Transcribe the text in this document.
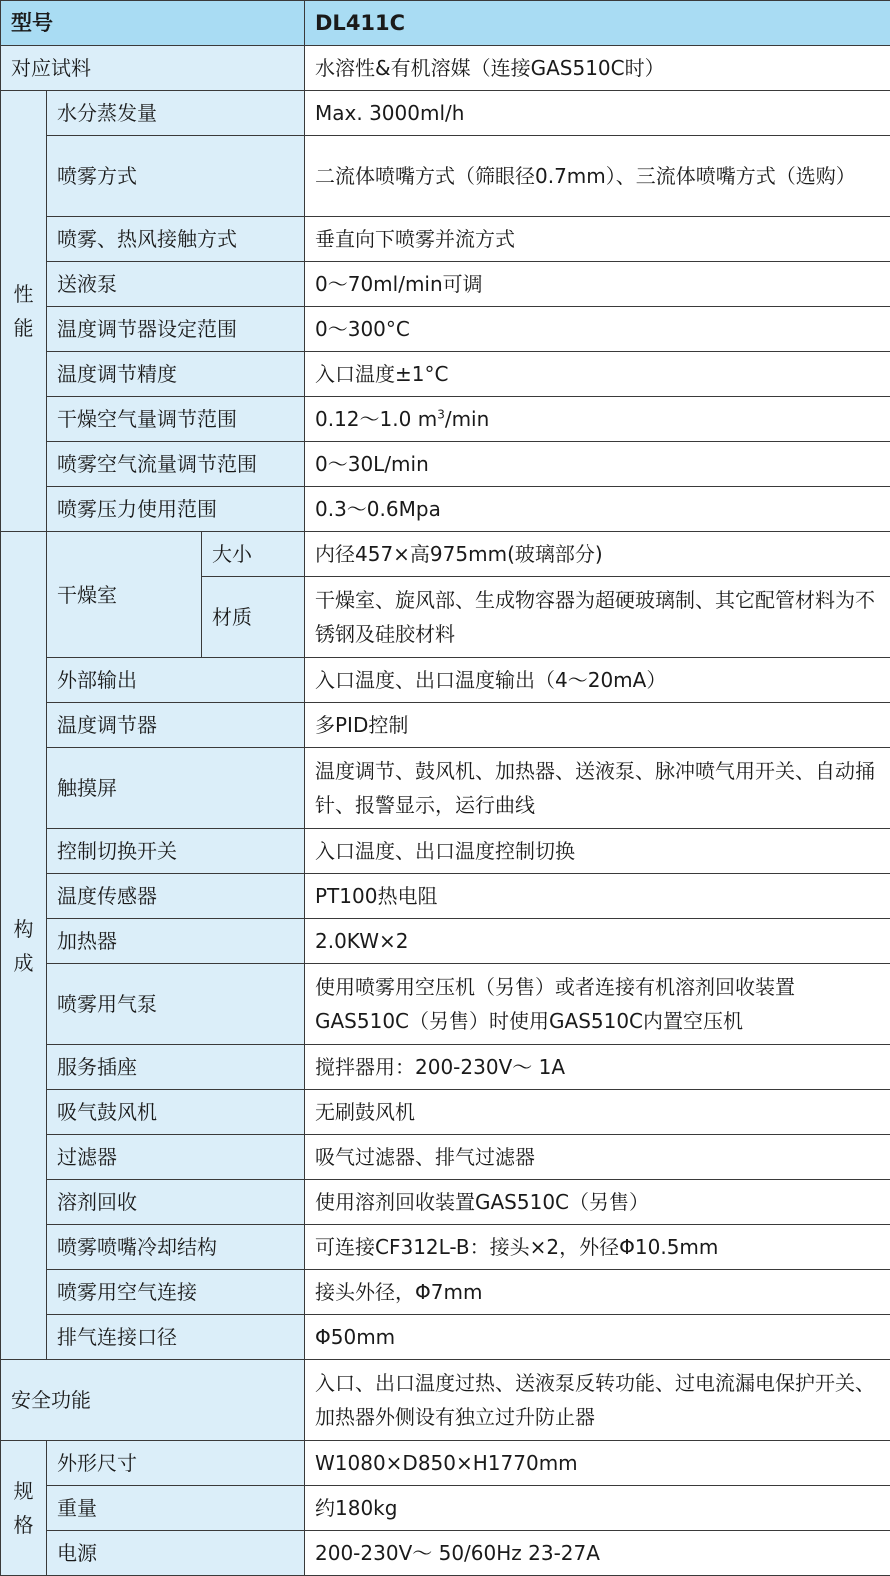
型号			DL411C
对应试料			水溶性&有机溶媒（连接GAS510C时）
性能	水分蒸发量		Max. 3000ml/h
	喷雾方式		二流体喷嘴方式（筛眼径0.7mm）、三流体喷嘴方式（选购）
	喷雾、热风接触方式		垂直向下喷雾并流方式
	送液泵		0～70ml/min可调
	温度调节器设定范围		0～300°C
	温度调节精度		入口温度±1°C
	干燥空气量调节范围		0.12～1.0 $m^3/\min$
	喷雾空气流量调节范围		0～30L/min
	喷雾压力使用范围		0.3～0.6Mpa
构成	干燥室	大小	内径457×高975mm(玻璃部分)
		材质	干燥室、旋风部、生成物容器为超硬玻璃制、其它配管材料为不锈钢及硅胶材料
	外部输出		入口温度、出口温度输出（4～20mA）
	温度调节器		多PID控制
	触摸屏		温度调节、鼓风机、加热器、送液泵、脉冲喷气用开关、自动捅针、报警显示，运行曲线
	控制切换开关		入口温度、出口温度控制切换
	温度传感器		PT100热电阻
	加热器		2.0KW×2
	喷雾用气泵		使用喷雾用空压机（另售）或者连接有机溶剂回收装置GAS510C（另售）时使用GAS510C内置空压机
	服务插座		搅拌器用：200-230V～ 1A
	吸气鼓风机		无刷鼓风机
	过滤器		吸气过滤器、排气过滤器
	溶剂回收		使用溶剂回收装置GAS510C（另售）
	喷雾喷嘴冷却结构		可连接CF312L-B：接头×2，外径Φ10.5mm
	喷雾用空气连接		接头外径，Φ7mm
	排气连接口径		Φ50mm
安全功能			入口、出口温度过热、送液泵反转功能、过电流漏电保护开关、加热器外侧设有独立过升防止器
规格	外形尺寸		W1080×D850×H1770mm
	重量		约180kg
	电源		200-230V～ 50/60Hz 23-27A
